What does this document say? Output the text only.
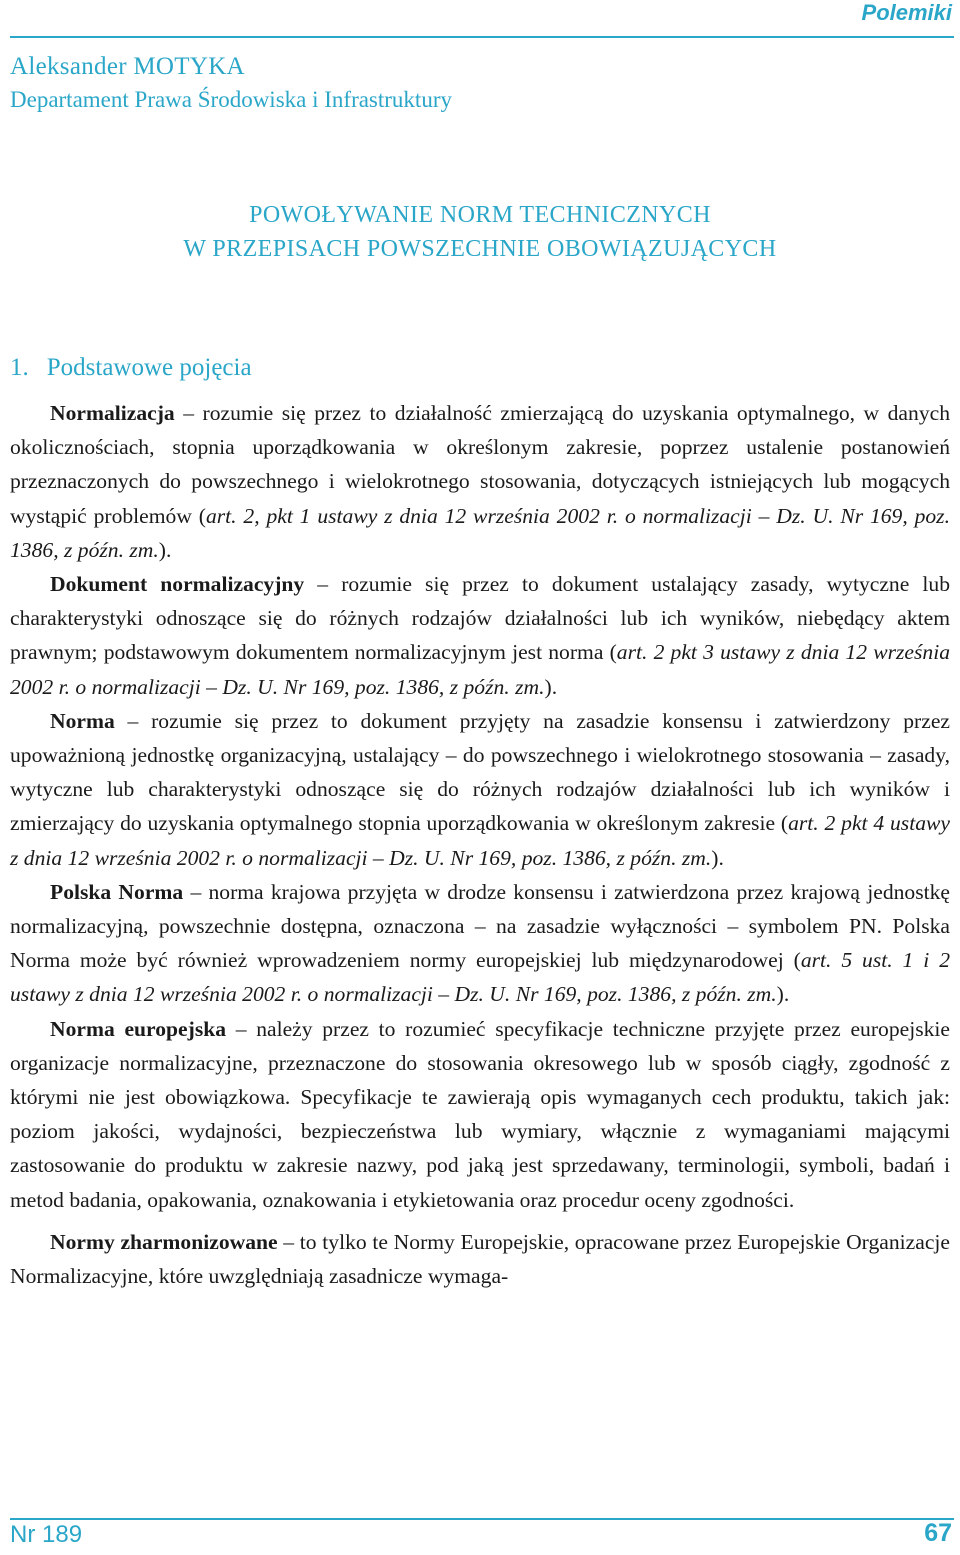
Polemiki
Aleksander MOTYKA
Departament Prawa Środowiska i Infrastruktury
POWOŁYWANIE NORM TECHNICZNYCH
W PRZEPISACH POWSZECHNIE OBOWIĄZUJĄCYCH
1. Podstawowe pojęcia

Normalizacja – rozumie się przez to działalność zmierzającą do uzyskania optymalnego, w danych okolicznościach, stopnia uporządkowania w określonym zakresie, poprzez ustalenie postanowień przeznaczonych do powszechnego i wielokrotnego stosowania, dotyczących istniejących lub mogących wystąpić problemów (art. 2, pkt 1 ustawy z dnia 12 września 2002 r. o normalizacji – Dz. U. Nr 169, poz. 1386, z późn. zm.).

Dokument normalizacyjny – rozumie się przez to dokument ustalający zasady, wytyczne lub charakterystyki odnoszące się do różnych rodzajów działalności lub ich wyników, niebędący aktem prawnym; podstawowym dokumentem normalizacyjnym jest norma (art. 2 pkt 3 ustawy z dnia 12 września 2002 r. o normalizacji – Dz. U. Nr 169, poz. 1386, z późn. zm.).

Norma – rozumie się przez to dokument przyjęty na zasadzie konsensu i zatwierdzony przez upoważnioną jednostkę organizacyjną, ustalający – do powszechnego i wielokrotnego stosowania – zasady, wytyczne lub charakterystyki odnoszące się do różnych rodzajów działalności lub ich wyników i zmierzający do uzyskania optymalnego stopnia uporządkowania w określonym zakresie (art. 2 pkt 4 ustawy z dnia 12 września 2002 r. o normalizacji – Dz. U. Nr 169, poz. 1386, z późn. zm.).

Polska Norma – norma krajowa przyjęta w drodze konsensu i zatwierdzona przez krajową jednostkę normalizacyjną, powszechnie dostępna, oznaczona – na zasadzie wyłączności – symbolem PN. Polska Norma może być również wprowadzeniem normy europejskiej lub międzynarodowej (art. 5 ust. 1 i 2 ustawy z dnia 12 września 2002 r. o normalizacji – Dz. U. Nr 169, poz. 1386, z późn. zm.).

Norma europejska – należy przez to rozumieć specyfikacje techniczne przyjęte przez europejskie organizacje normalizacyjne, przeznaczone do stosowania okresowego lub w sposób ciągły, zgodność z którymi nie jest obowiązkowa. Specyfikacje te zawierają opis wymaganych cech produktu, takich jak: poziom jakości, wydajności, bezpieczeństwa lub wymiary, włącznie z wymaganiami mającymi zastosowanie do produktu w zakresie nazwy, pod jaką jest sprzedawany, terminologii, symboli, badań i metod badania, opakowania, oznakowania i etykietowania oraz procedur oceny zgodności.

Normy zharmonizowane – to tylko te Normy Europejskie, opracowane przez Europejskie Organizacje Normalizacyjne, które uwzględniają zasadnicze wymaga-

Nr 189	67
